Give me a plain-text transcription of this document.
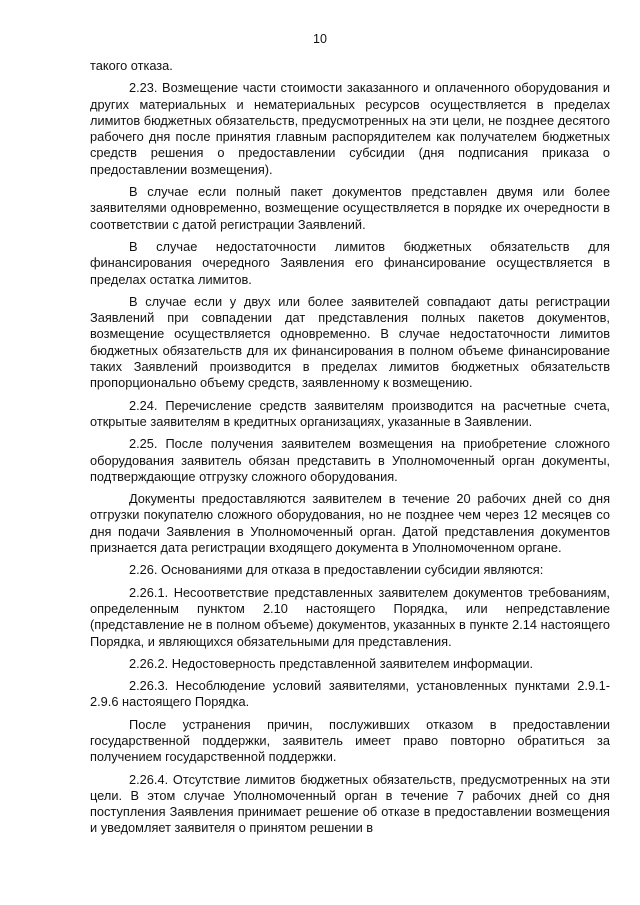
10

такого отказа.

2.23. Возмещение части стоимости заказанного и оплаченного оборудования и других материальных и нематериальных ресурсов осуществляется в пределах лимитов бюджетных обязательств, предусмотренных на эти цели, не позднее десятого рабочего дня после принятия главным распорядителем как получателем бюджетных средств решения о предоставлении субсидии (дня подписания приказа о предоставлении возмещения).

В случае если полный пакет документов представлен двумя или более заявителями одновременно, возмещение осуществляется в порядке их очередности в соответствии с датой регистрации Заявлений.

В случае недостаточности лимитов бюджетных обязательств для финансирования очередного Заявления его финансирование осуществляется в пределах остатка лимитов.

В случае если у двух или более заявителей совпадают даты регистрации Заявлений при совпадении дат представления полных пакетов документов, возмещение осуществляется одновременно. В случае недостаточности лимитов бюджетных обязательств для их финансирования в полном объеме финансирование таких Заявлений производится в пределах лимитов бюджетных обязательств пропорционально объему средств, заявленному к возмещению.

2.24. Перечисление средств заявителям производится на расчетные счета, открытые заявителям в кредитных организациях, указанные в Заявлении.

2.25. После получения заявителем возмещения на приобретение сложного оборудования заявитель обязан представить в Уполномоченный орган документы, подтверждающие отгрузку сложного оборудования.

Документы предоставляются заявителем в течение 20 рабочих дней со дня отгрузки покупателю сложного оборудования, но не позднее чем через 12 месяцев со дня подачи Заявления в Уполномоченный орган. Датой представления документов признается дата регистрации входящего документа в Уполномоченном органе.

2.26. Основаниями для отказа в предоставлении субсидии являются:

2.26.1. Несоответствие представленных заявителем документов требованиям, определенным пунктом 2.10 настоящего Порядка, или непредставление (представление не в полном объеме) документов, указанных в пункте 2.14 настоящего Порядка, и являющихся обязательными для представления.

2.26.2. Недостоверность представленной заявителем информации.

2.26.3. Несоблюдение условий заявителями, установленных пунктами 2.9.1-2.9.6 настоящего Порядка.

После устранения причин, послуживших отказом в предоставлении государственной поддержки, заявитель имеет право повторно обратиться за получением государственной поддержки.

2.26.4. Отсутствие лимитов бюджетных обязательств, предусмотренных на эти цели. В этом случае Уполномоченный орган в течение 7 рабочих дней со дня поступления Заявления принимает решение об отказе в предоставлении возмещения и уведомляет заявителя о принятом решении в
